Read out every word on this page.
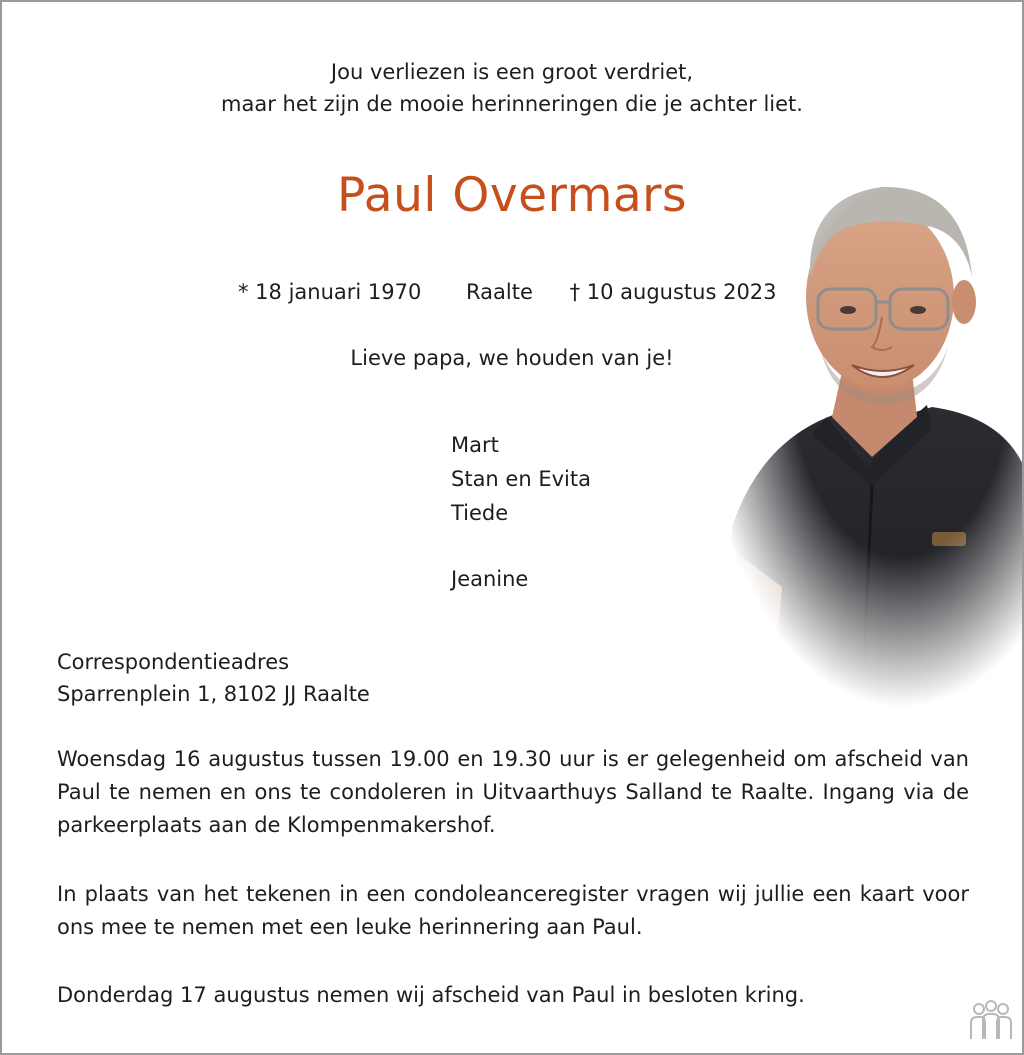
Jou verliezen is een groot verdriet,
maar het zijn de mooie herinneringen die je achter liet.
Paul Overmars
* 18 januari 1970 Raalte † 10 augustus 2023
Lieve papa, we houden van je!
Mart
Stan en Evita
Tiede
Jeanine
Correspondentieadres
Sparrenplein 1, 8102 JJ Raalte
Woensdag 16 augustus tussen 19.00 en 19.30 uur is er gelegenheid om afscheid van Paul te nemen en ons te condoleren in Uitvaarthuys Salland te Raalte. Ingang via de parkeerplaats aan de Klompenmakershof.
In plaats van het tekenen in een condoleanceregister vragen wij jullie een kaart voor ons mee te nemen met een leuke herinnering aan Paul.
Donderdag 17 augustus nemen wij afscheid van Paul in besloten kring.
